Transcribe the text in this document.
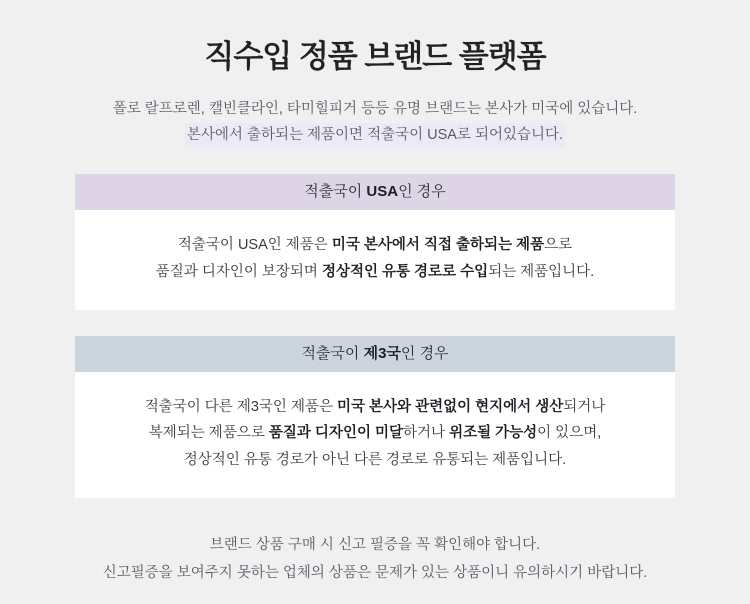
직수입 정품 브랜드 플랫폼
폴로 랄프로렌, 캘빈클라인, 타미힐피거 등등 유명 브랜드는 본사가 미국에 있습니다.
본사에서 출하되는 제품이면 적출국이 USA로 되어있습니다.
적출국이 USA인 경우
적출국이 USA인 제품은 미국 본사에서 직접 출하되는 제품으로
품질과 디자인이 보장되며 정상적인 유통 경로로 수입되는 제품입니다.
적출국이 제3국인 경우
적출국이 다른 제3국인 제품은 미국 본사와 관련없이 현지에서 생산되거나
복제되는 제품으로 품질과 디자인이 미달하거나 위조될 가능성이 있으며,
정상적인 유통 경로가 아닌 다른 경로로 유통되는 제품입니다.
브랜드 상품 구매 시 신고 필증을 꼭 확인해야 합니다.
신고필증을 보여주지 못하는 업체의 상품은 문제가 있는 상품이니 유의하시기 바랍니다.
